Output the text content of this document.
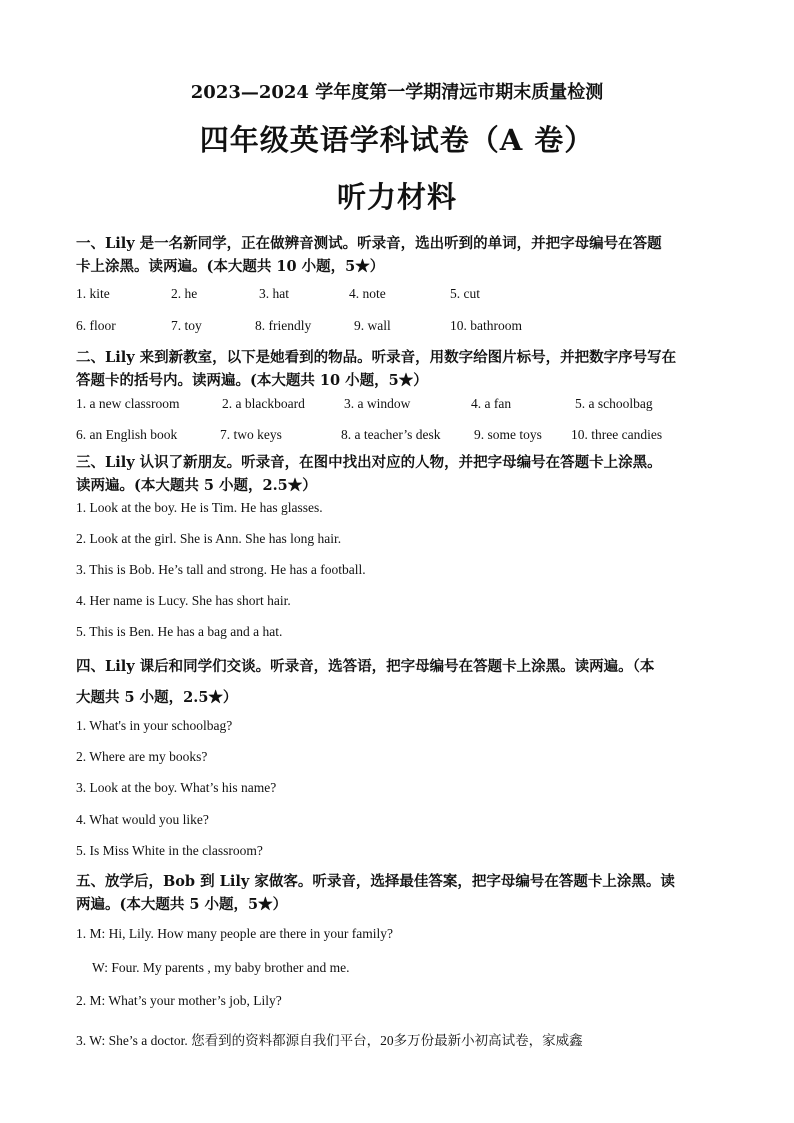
2023—2024 学年度第一学期清远市期末质量检测
四年级英语学科试卷（A 卷）
听力材料
一、Lily 是一名新同学，正在做辨音测试。听录音，选出听到的单词，并把字母编号在答题
卡上涂黑。读两遍。(本大题共 10 小题，5★）
1. kite	2. he	3. hat	4. note	5. cut
6. floor	7. toy	8. friendly	9. wall	10. bathroom
二、Lily 来到新教室，以下是她看到的物品。听录音，用数字给图片标号，并把数字序号写在
答题卡的括号内。读两遍。(本大题共 10 小题，5★）
1. a new classroom	2. a blackboard	3. a window	4. a fan	5. a schoolbag
6. an English book	7. two keys	8. a teacher’s desk 9. some toys 10. three candies
三、Lily 认识了新朋友。听录音，在图中找出对应的人物，并把字母编号在答题卡上涂黑。
读两遍。(本大题共 5 小题，2.5★）
1. Look at the boy. He is Tim. He has glasses.
2. Look at the girl. She is Ann. She has long hair.
3. This is Bob. He’s tall and strong. He has a football.
4. Her name is Lucy. She has short hair.
5. This is Ben. He has a bag and a hat.
四、Lily 课后和同学们交谈。听录音，选答语，把字母编号在答题卡上涂黑。读两遍。（本
大题共 5 小题，2.5★）
1. What's in your schoolbag?
2. Where are my books?
3. Look at the boy. What’s his name?
4. What would you like?
5. Is Miss White in the classroom?
五、放学后，Bob 到 Lily 家做客。听录音，选择最佳答案，把字母编号在答题卡上涂黑。读
两遍。(本大题共 5 小题，5★）
1. M: Hi, Lily. How many people are there in your family?
W: Four. My parents , my baby brother and me.
2. M: What’s your mother’s job, Lily?
3. W: She’s a doctor. 您看到的资料都源自我们平台，20多万份最新小初高试卷，家威鑫
